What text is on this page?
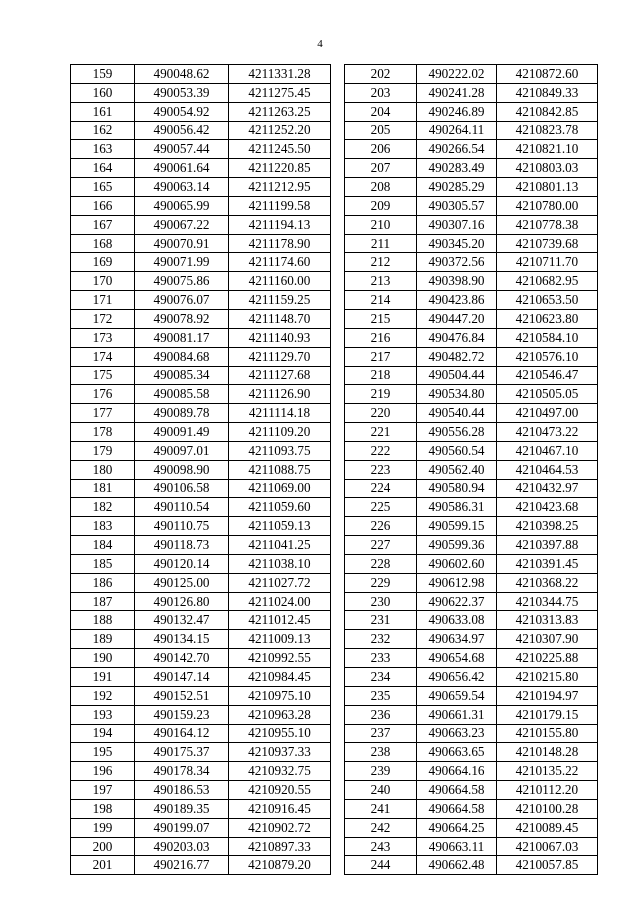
4
159	490048.62	4211331.28
160	490053.39	4211275.45
161	490054.92	4211263.25
162	490056.42	4211252.20
163	490057.44	4211245.50
164	490061.64	4211220.85
165	490063.14	4211212.95
166	490065.99	4211199.58
167	490067.22	4211194.13
168	490070.91	4211178.90
169	490071.99	4211174.60
170	490075.86	4211160.00
171	490076.07	4211159.25
172	490078.92	4211148.70
173	490081.17	4211140.93
174	490084.68	4211129.70
175	490085.34	4211127.68
176	490085.58	4211126.90
177	490089.78	4211114.18
178	490091.49	4211109.20
179	490097.01	4211093.75
180	490098.90	4211088.75
181	490106.58	4211069.00
182	490110.54	4211059.60
183	490110.75	4211059.13
184	490118.73	4211041.25
185	490120.14	4211038.10
186	490125.00	4211027.72
187	490126.80	4211024.00
188	490132.47	4211012.45
189	490134.15	4211009.13
190	490142.70	4210992.55
191	490147.14	4210984.45
192	490152.51	4210975.10
193	490159.23	4210963.28
194	490164.12	4210955.10
195	490175.37	4210937.33
196	490178.34	4210932.75
197	490186.53	4210920.55
198	490189.35	4210916.45
199	490199.07	4210902.72
200	490203.03	4210897.33
201	490216.77	4210879.20
202	490222.02	4210872.60
203	490241.28	4210849.33
204	490246.89	4210842.85
205	490264.11	4210823.78
206	490266.54	4210821.10
207	490283.49	4210803.03
208	490285.29	4210801.13
209	490305.57	4210780.00
210	490307.16	4210778.38
211	490345.20	4210739.68
212	490372.56	4210711.70
213	490398.90	4210682.95
214	490423.86	4210653.50
215	490447.20	4210623.80
216	490476.84	4210584.10
217	490482.72	4210576.10
218	490504.44	4210546.47
219	490534.80	4210505.05
220	490540.44	4210497.00
221	490556.28	4210473.22
222	490560.54	4210467.10
223	490562.40	4210464.53
224	490580.94	4210432.97
225	490586.31	4210423.68
226	490599.15	4210398.25
227	490599.36	4210397.88
228	490602.60	4210391.45
229	490612.98	4210368.22
230	490622.37	4210344.75
231	490633.08	4210313.83
232	490634.97	4210307.90
233	490654.68	4210225.88
234	490656.42	4210215.80
235	490659.54	4210194.97
236	490661.31	4210179.15
237	490663.23	4210155.80
238	490663.65	4210148.28
239	490664.16	4210135.22
240	490664.58	4210112.20
241	490664.58	4210100.28
242	490664.25	4210089.45
243	490663.11	4210067.03
244	490662.48	4210057.85
